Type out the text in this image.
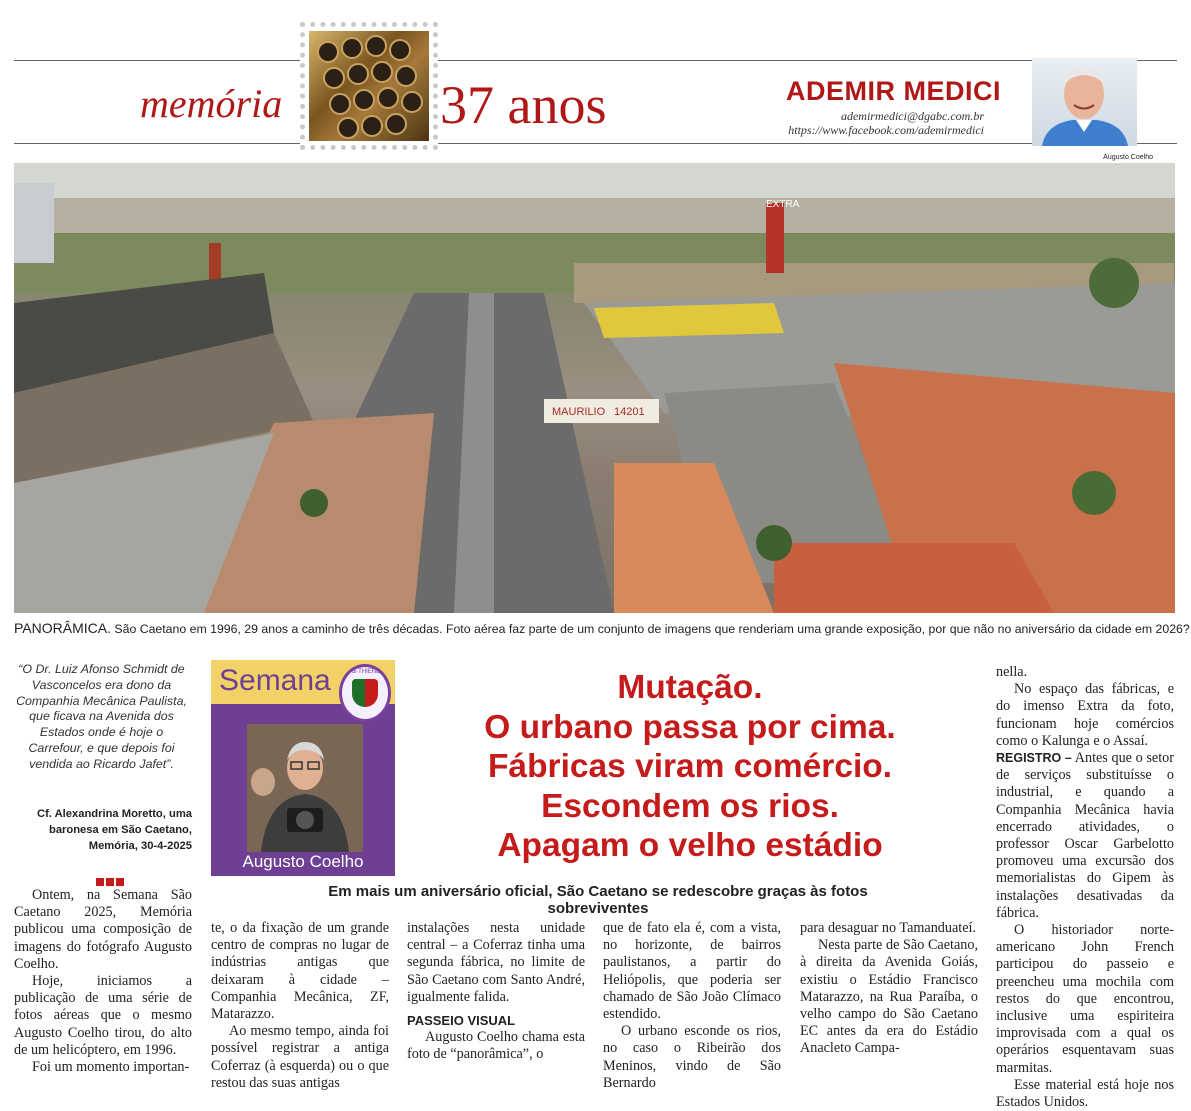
memória	37 anos	ADEMIR MEDICI
ademirmedici@dgabc.com.br
https://www.facebook.com/ademirmedici
Augusto Coelho
EXTRA
MAURILIO 14201
PANORÂMICA. São Caetano em 1996, 29 anos a caminho de três décadas. Foto aérea faz parte de um conjunto de imagens que renderiam uma grande exposição, por que não no aniversário da cidade em 2026?
“O Dr. Luiz Afonso Schmidt de Vasconcelos era dono da Companhia Mecânica Paulista, que ficava na Avenida dos Estados onde é hoje o Carrefour, e que depois foi vendida ao Ricardo Jafet”.
Cf. Alexandrina Moretto, uma
baronesa em São Caetano,
Memória, 30-4-2025
Semana	di THIENE
Augusto Coelho
Mutação.
O urbano passa por cima.
Fábricas viram comércio.
Escondem os rios.
Apagam o velho estádio
Em mais um aniversário oficial, São Caetano se redescobre graças às fotos sobreviventes

Ontem, na Semana São Caetano 2025, Memória publicou uma composição de imagens do fotógrafo Augusto Coelho.

Hoje, iniciamos a publicação de uma série de fotos aéreas que o mesmo Augusto Coelho tirou, do alto de um helicóptero, em 1996.

Foi um momento importan-

te, o da fixação de um grande centro de compras no lugar de indústrias antigas que deixaram à cidade – Companhia Mecânica, ZF, Matarazzo.

Ao mesmo tempo, ainda foi possível registrar a antiga Coferraz (à esquerda) ou o que restou das suas antigas

instalações nesta unidade central – a Coferraz tinha uma segunda fábrica, no limite de São Caetano com Santo André, igualmente falida.

PASSEIO VISUAL

Augusto Coelho chama esta foto de “panorâmica”, o

que de fato ela é, com a vista, no horizonte, de bairros paulistanos, a partir do Heliópolis, que poderia ser chamado de São João Clímaco estendido.

O urbano esconde os rios, no caso o Ribeirão dos Meninos, vindo de São Bernardo

para desaguar no Tamanduateí.

Nesta parte de São Caetano, à direita da Avenida Goiás, existiu o Estádio Francisco Matarazzo, na Rua Paraíba, o velho campo do São Caetano EC antes da era do Estádio Anacleto Campa-

nella.

No espaço das fábricas, e do imenso Extra da foto, funcionam hoje comércios como o Kalunga e o Assaí.

REGISTRO – Antes que o setor de serviços substituísse o industrial, e quando a Companhia Mecânica havia encerrado atividades, o professor Oscar Garbelotto promoveu uma excursão dos memorialistas do Gipem às instalações desativadas da fábrica.

O historiador norte-americano John French participou do passeio e preencheu uma mochila com restos do que encontrou, inclusive uma espiriteira improvisada com a qual os operários esquentavam suas marmitas.

Esse material está hoje nos Estados Unidos.
